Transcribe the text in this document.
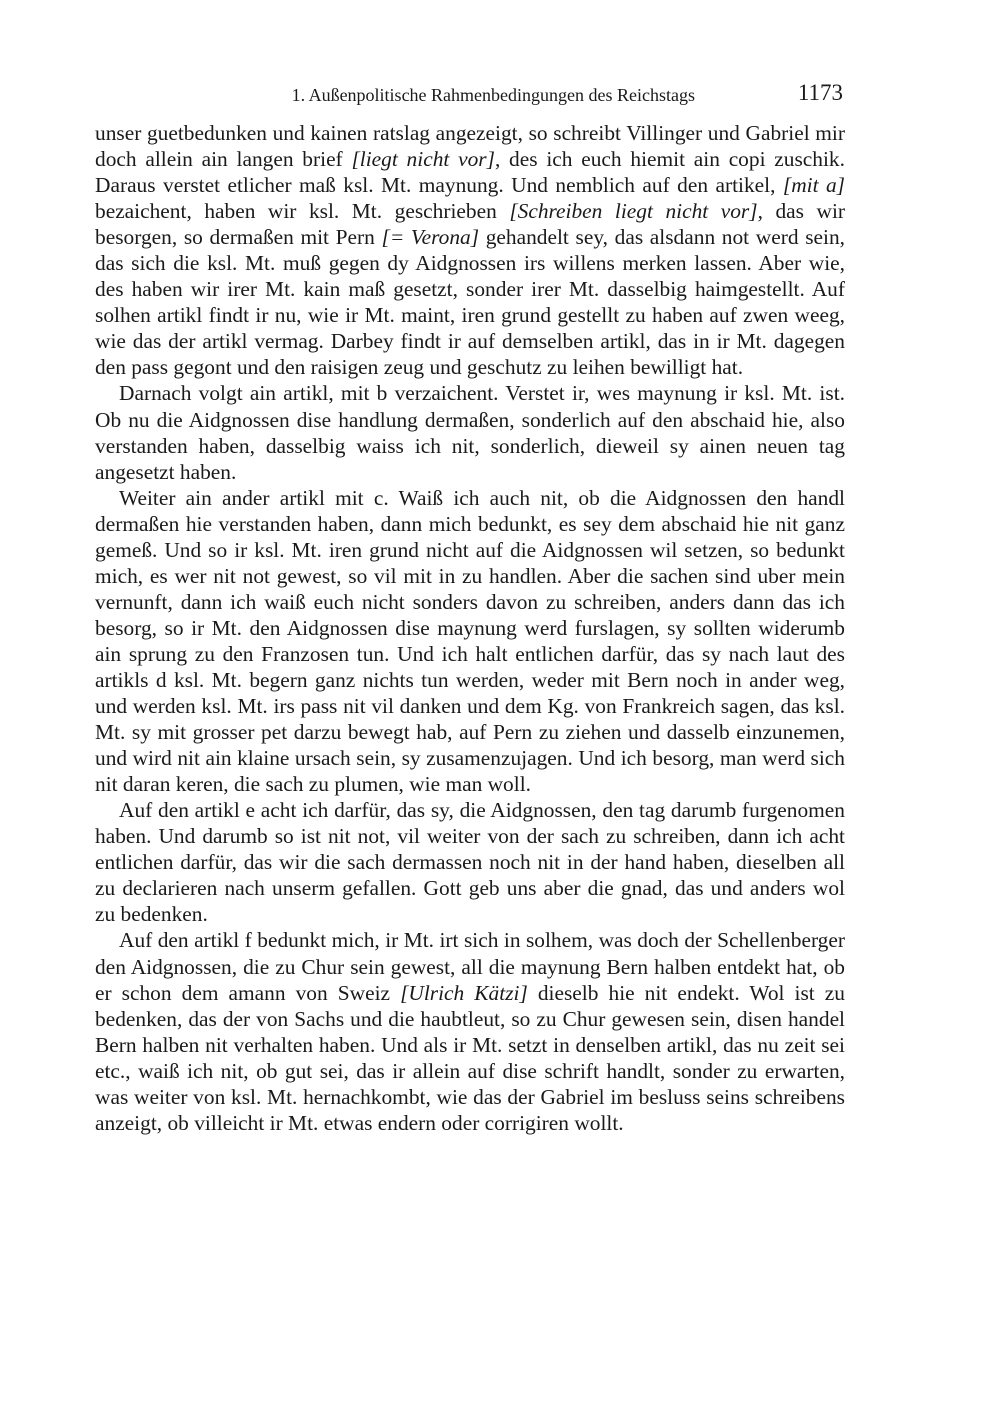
1. Außenpolitische Rahmenbedingungen des Reichstags	1173

unser guetbedunken und kainen ratslag angezeigt, so schreibt Villinger und Gabriel mir doch allein ain langen brief [liegt nicht vor], des ich euch hiemit ain copi zuschik. Daraus verstet etlicher maß ksl. Mt. maynung. Und nemblich auf den artikel, [mit a] bezaichent, haben wir ksl. Mt. geschrieben [Schreiben liegt nicht vor], das wir besorgen, so dermaßen mit Pern [= Verona] gehandelt sey, das alsdann not werd sein, das sich die ksl. Mt. muß gegen dy Aidgnossen irs willens merken lassen. Aber wie, des haben wir irer Mt. kain maß gesetzt, sonder irer Mt. dasselbig haimgestellt. Auf solhen artikl findt ir nu, wie ir Mt. maint, iren grund gestellt zu haben auf zwen weeg, wie das der artikl vermag. Darbey findt ir auf demselben artikl, das in ir Mt. dagegen den pass gegont und den raisigen zeug und geschutz zu leihen bewilligt hat.

Darnach volgt ain artikl, mit b verzaichent. Verstet ir, wes maynung ir ksl. Mt. ist. Ob nu die Aidgnossen dise handlung dermaßen, sonderlich auf den abschaid hie, also verstanden haben, dasselbig waiss ich nit, sonderlich, dieweil sy ainen neuen tag angesetzt haben.

Weiter ain ander artikl mit c. Waiß ich auch nit, ob die Aidgnossen den handl dermaßen hie verstanden haben, dann mich bedunkt, es sey dem abschaid hie nit ganz gemeß. Und so ir ksl. Mt. iren grund nicht auf die Aidgnossen wil setzen, so bedunkt mich, es wer nit not gewest, so vil mit in zu handlen. Aber die sachen sind uber mein vernunft, dann ich waiß euch nicht sonders davon zu schreiben, anders dann das ich besorg, so ir Mt. den Aidgnossen dise maynung werd furslagen, sy sollten widerumb ain sprung zu den Franzosen tun. Und ich halt entlichen darfür, das sy nach laut des artikls d ksl. Mt. begern ganz nichts tun werden, weder mit Bern noch in ander weg, und werden ksl. Mt. irs pass nit vil danken und dem Kg. von Frankreich sagen, das ksl. Mt. sy mit grosser pet darzu bewegt hab, auf Pern zu ziehen und dasselb einzunemen, und wird nit ain klaine ursach sein, sy zusamenzujagen. Und ich besorg, man werd sich nit daran keren, die sach zu plumen, wie man woll.

Auf den artikl e acht ich darfür, das sy, die Aidgnossen, den tag darumb furgenomen haben. Und darumb so ist nit not, vil weiter von der sach zu schreiben, dann ich acht entlichen darfür, das wir die sach dermassen noch nit in der hand haben, dieselben all zu declarieren nach unserm gefallen. Gott geb uns aber die gnad, das und anders wol zu bedenken.

Auf den artikl f bedunkt mich, ir Mt. irt sich in solhem, was doch der Schellenberger den Aidgnossen, die zu Chur sein gewest, all die maynung Bern halben entdekt hat, ob er schon dem amann von Sweiz [Ulrich Kätzi] dieselb hie nit endekt. Wol ist zu bedenken, das der von Sachs und die haubtleut, so zu Chur gewesen sein, disen handel Bern halben nit verhalten haben. Und als ir Mt. setzt in denselben artikl, das nu zeit sei etc., waiß ich nit, ob gut sei, das ir allein auf dise schrift handlt, sonder zu erwarten, was weiter von ksl. Mt. hernachkombt, wie das der Gabriel im besluss seins schreibens anzeigt, ob villeicht ir Mt. etwas endern oder corrigiren wollt.
